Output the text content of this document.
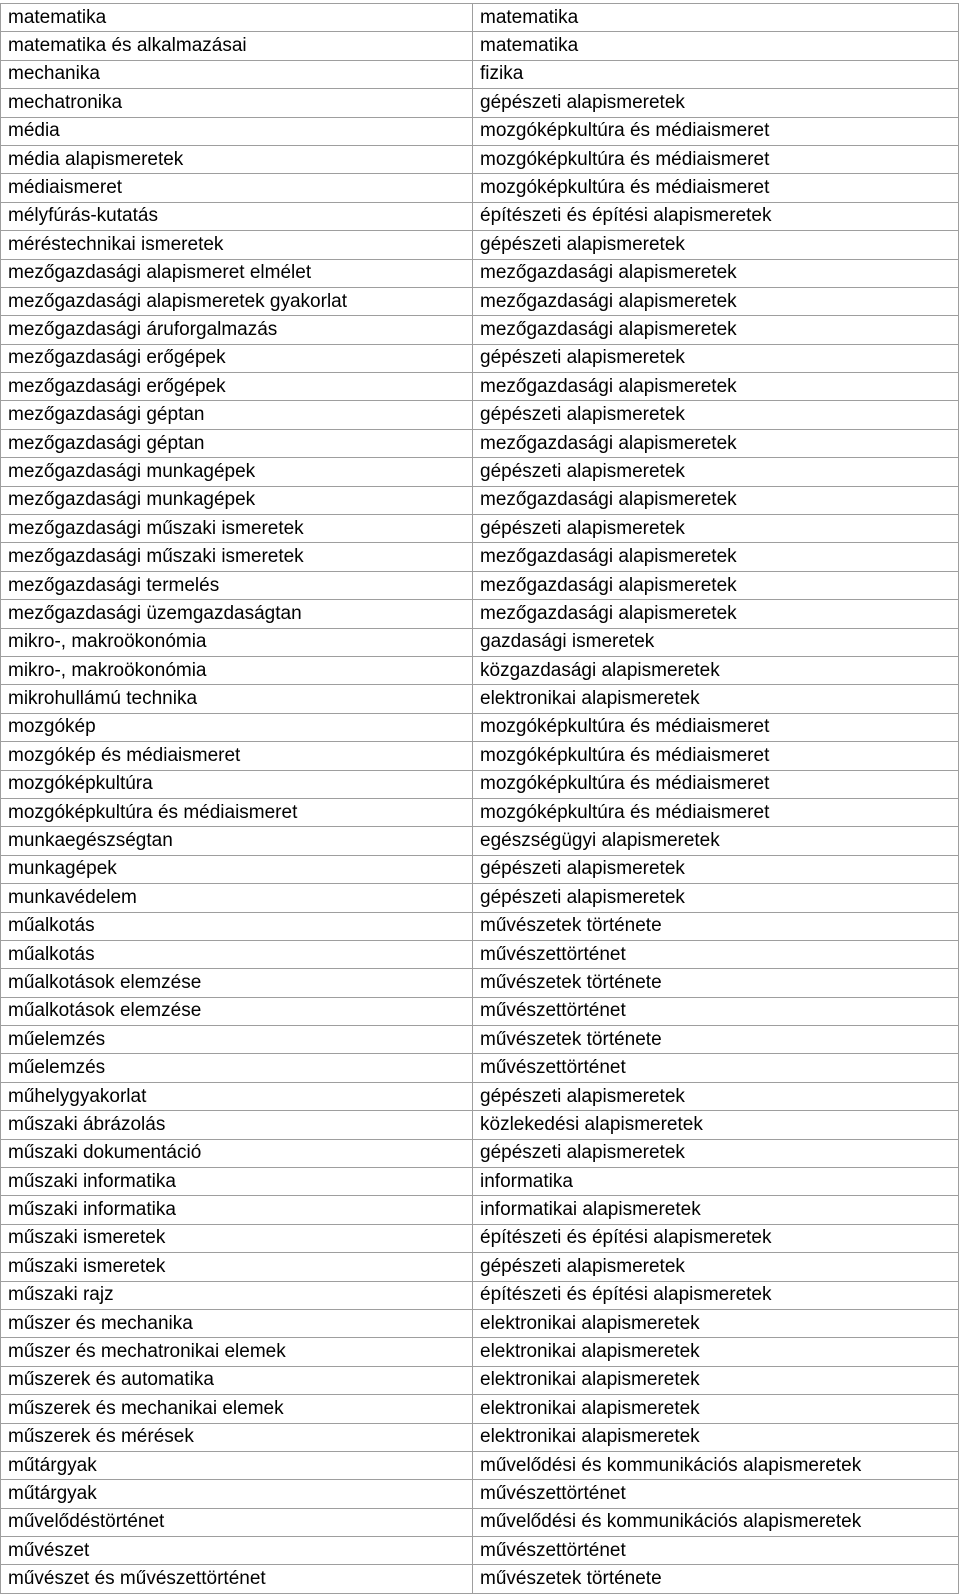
matematika	matematika
matematika és alkalmazásai	matematika
mechanika	fizika
mechatronika	gépészeti alapismeretek
média	mozgóképkultúra és médiaismeret
média alapismeretek	mozgóképkultúra és médiaismeret
médiaismeret	mozgóképkultúra és médiaismeret
mélyfúrás-kutatás	építészeti és építési alapismeretek
méréstechnikai ismeretek	gépészeti alapismeretek
mezőgazdasági alapismeret elmélet	mezőgazdasági alapismeretek
mezőgazdasági alapismeretek gyakorlat	mezőgazdasági alapismeretek
mezőgazdasági áruforgalmazás	mezőgazdasági alapismeretek
mezőgazdasági erőgépek	gépészeti alapismeretek
mezőgazdasági erőgépek	mezőgazdasági alapismeretek
mezőgazdasági géptan	gépészeti alapismeretek
mezőgazdasági géptan	mezőgazdasági alapismeretek
mezőgazdasági munkagépek	gépészeti alapismeretek
mezőgazdasági munkagépek	mezőgazdasági alapismeretek
mezőgazdasági műszaki ismeretek	gépészeti alapismeretek
mezőgazdasági műszaki ismeretek	mezőgazdasági alapismeretek
mezőgazdasági termelés	mezőgazdasági alapismeretek
mezőgazdasági üzemgazdaságtan	mezőgazdasági alapismeretek
mikro-, makroökonómia	gazdasági ismeretek
mikro-, makroökonómia	közgazdasági alapismeretek
mikrohullámú technika	elektronikai alapismeretek
mozgókép	mozgóképkultúra és médiaismeret
mozgókép és médiaismeret	mozgóképkultúra és médiaismeret
mozgóképkultúra	mozgóképkultúra és médiaismeret
mozgóképkultúra és médiaismeret	mozgóképkultúra és médiaismeret
munkaegészségtan	egészségügyi alapismeretek
munkagépek	gépészeti alapismeretek
munkavédelem	gépészeti alapismeretek
műalkotás	művészetek története
műalkotás	művészettörténet
műalkotások elemzése	művészetek története
műalkotások elemzése	művészettörténet
műelemzés	művészetek története
műelemzés	művészettörténet
műhelygyakorlat	gépészeti alapismeretek
műszaki ábrázolás	közlekedési alapismeretek
műszaki dokumentáció	gépészeti alapismeretek
műszaki informatika	informatika
műszaki informatika	informatikai alapismeretek
műszaki ismeretek	építészeti és építési alapismeretek
műszaki ismeretek	gépészeti alapismeretek
műszaki rajz	építészeti és építési alapismeretek
műszer és mechanika	elektronikai alapismeretek
műszer és mechatronikai elemek	elektronikai alapismeretek
műszerek és automatika	elektronikai alapismeretek
műszerek és mechanikai elemek	elektronikai alapismeretek
műszerek és mérések	elektronikai alapismeretek
műtárgyak	művelődési és kommunikációs alapismeretek
műtárgyak	művészettörténet
művelődéstörténet	művelődési és kommunikációs alapismeretek
művészet	művészettörténet
művészet és művészettörténet	művészetek története
